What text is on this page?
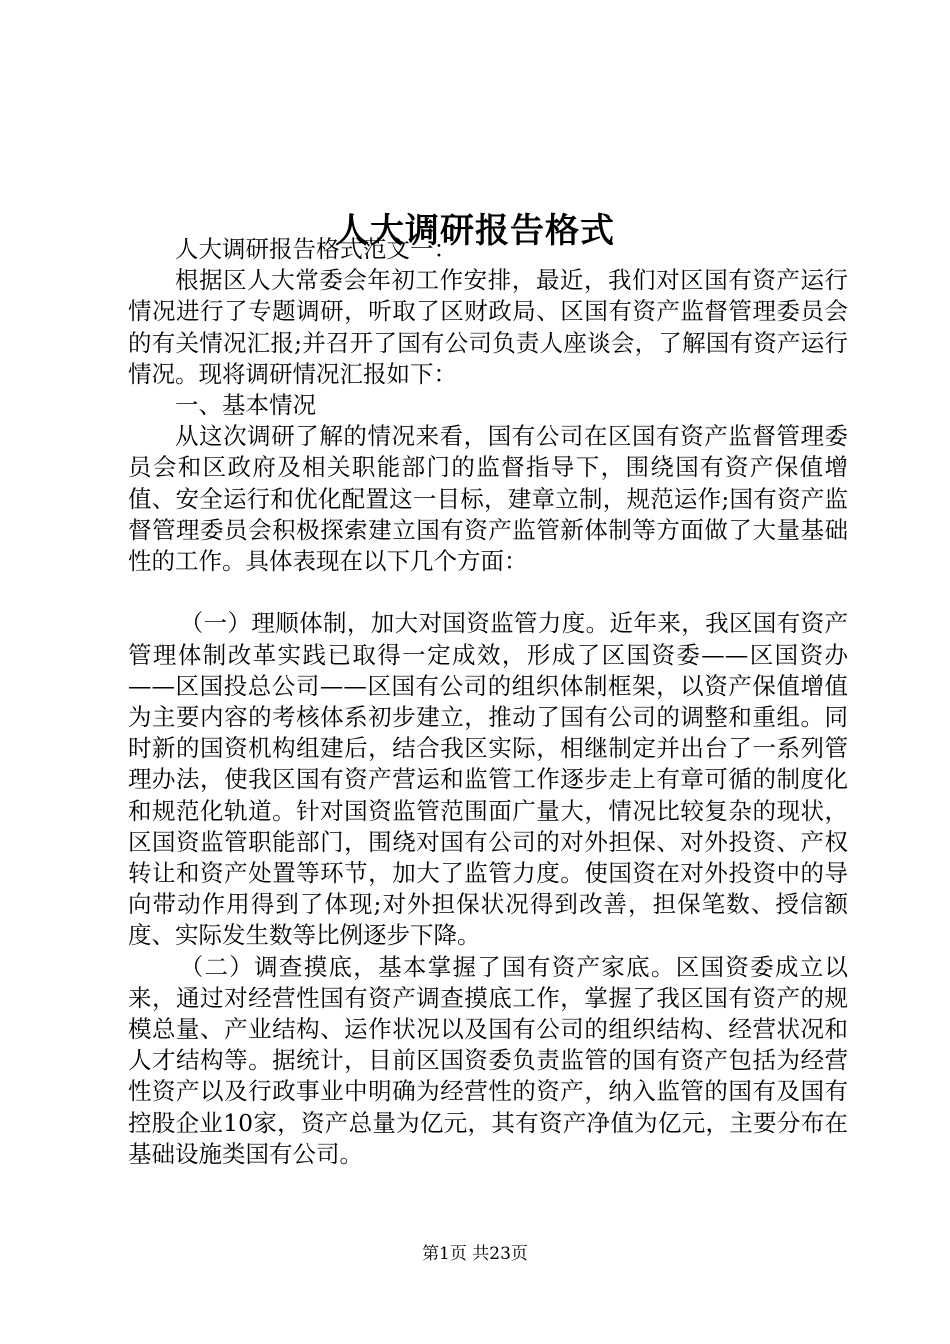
人大调研报告格式

人大调研报告格式范文一：

根据区人大常委会年初工作安排，最近，我们对区国有资产运行情况进行了专题调研，听取了区财政局、区国有资产监督管理委员会的有关情况汇报;并召开了国有公司负责人座谈会，了解国有资产运行情况。现将调研情况汇报如下：

一、基本情况

从这次调研了解的情况来看，国有公司在区国有资产监督管理委员会和区政府及相关职能部门的监督指导下，围绕国有资产保值增值、安全运行和优化配置这一目标，建章立制，规范运作;国有资产监督管理委员会积极探索建立国有资产监管新体制等方面做了大量基础性的工作。具体表现在以下几个方面：

（一）理顺体制，加大对国资监管力度。近年来，我区国有资产管理体制改革实践已取得一定成效，形成了区国资委——区国资办——区国投总公司——区国有公司的组织体制框架，以资产保值增值为主要内容的考核体系初步建立，推动了国有公司的调整和重组。同时新的国资机构组建后，结合我区实际，相继制定并出台了一系列管理办法，使我区国有资产营运和监管工作逐步走上有章可循的制度化和规范化轨道。针对国资监管范围面广量大，情况比较复杂的现状，区国资监管职能部门，围绕对国有公司的对外担保、对外投资、产权转让和资产处置等环节，加大了监管力度。使国资在对外投资中的导向带动作用得到了体现;对外担保状况得到改善，担保笔数、授信额度、实际发生数等比例逐步下降。

（二）调查摸底，基本掌握了国有资产家底。区国资委成立以来，通过对经营性国有资产调查摸底工作，掌握了我区国有资产的规模总量、产业结构、运作状况以及国有公司的组织结构、经营状况和人才结构等。据统计，目前区国资委负责监管的国有资产包括为经营性资产以及行政事业中明确为经营性的资产，纳入监管的国有及国有控股企业10家，资产总量为亿元，其有资产净值为亿元，主要分布在基础设施类国有公司。

第1页 共23页
